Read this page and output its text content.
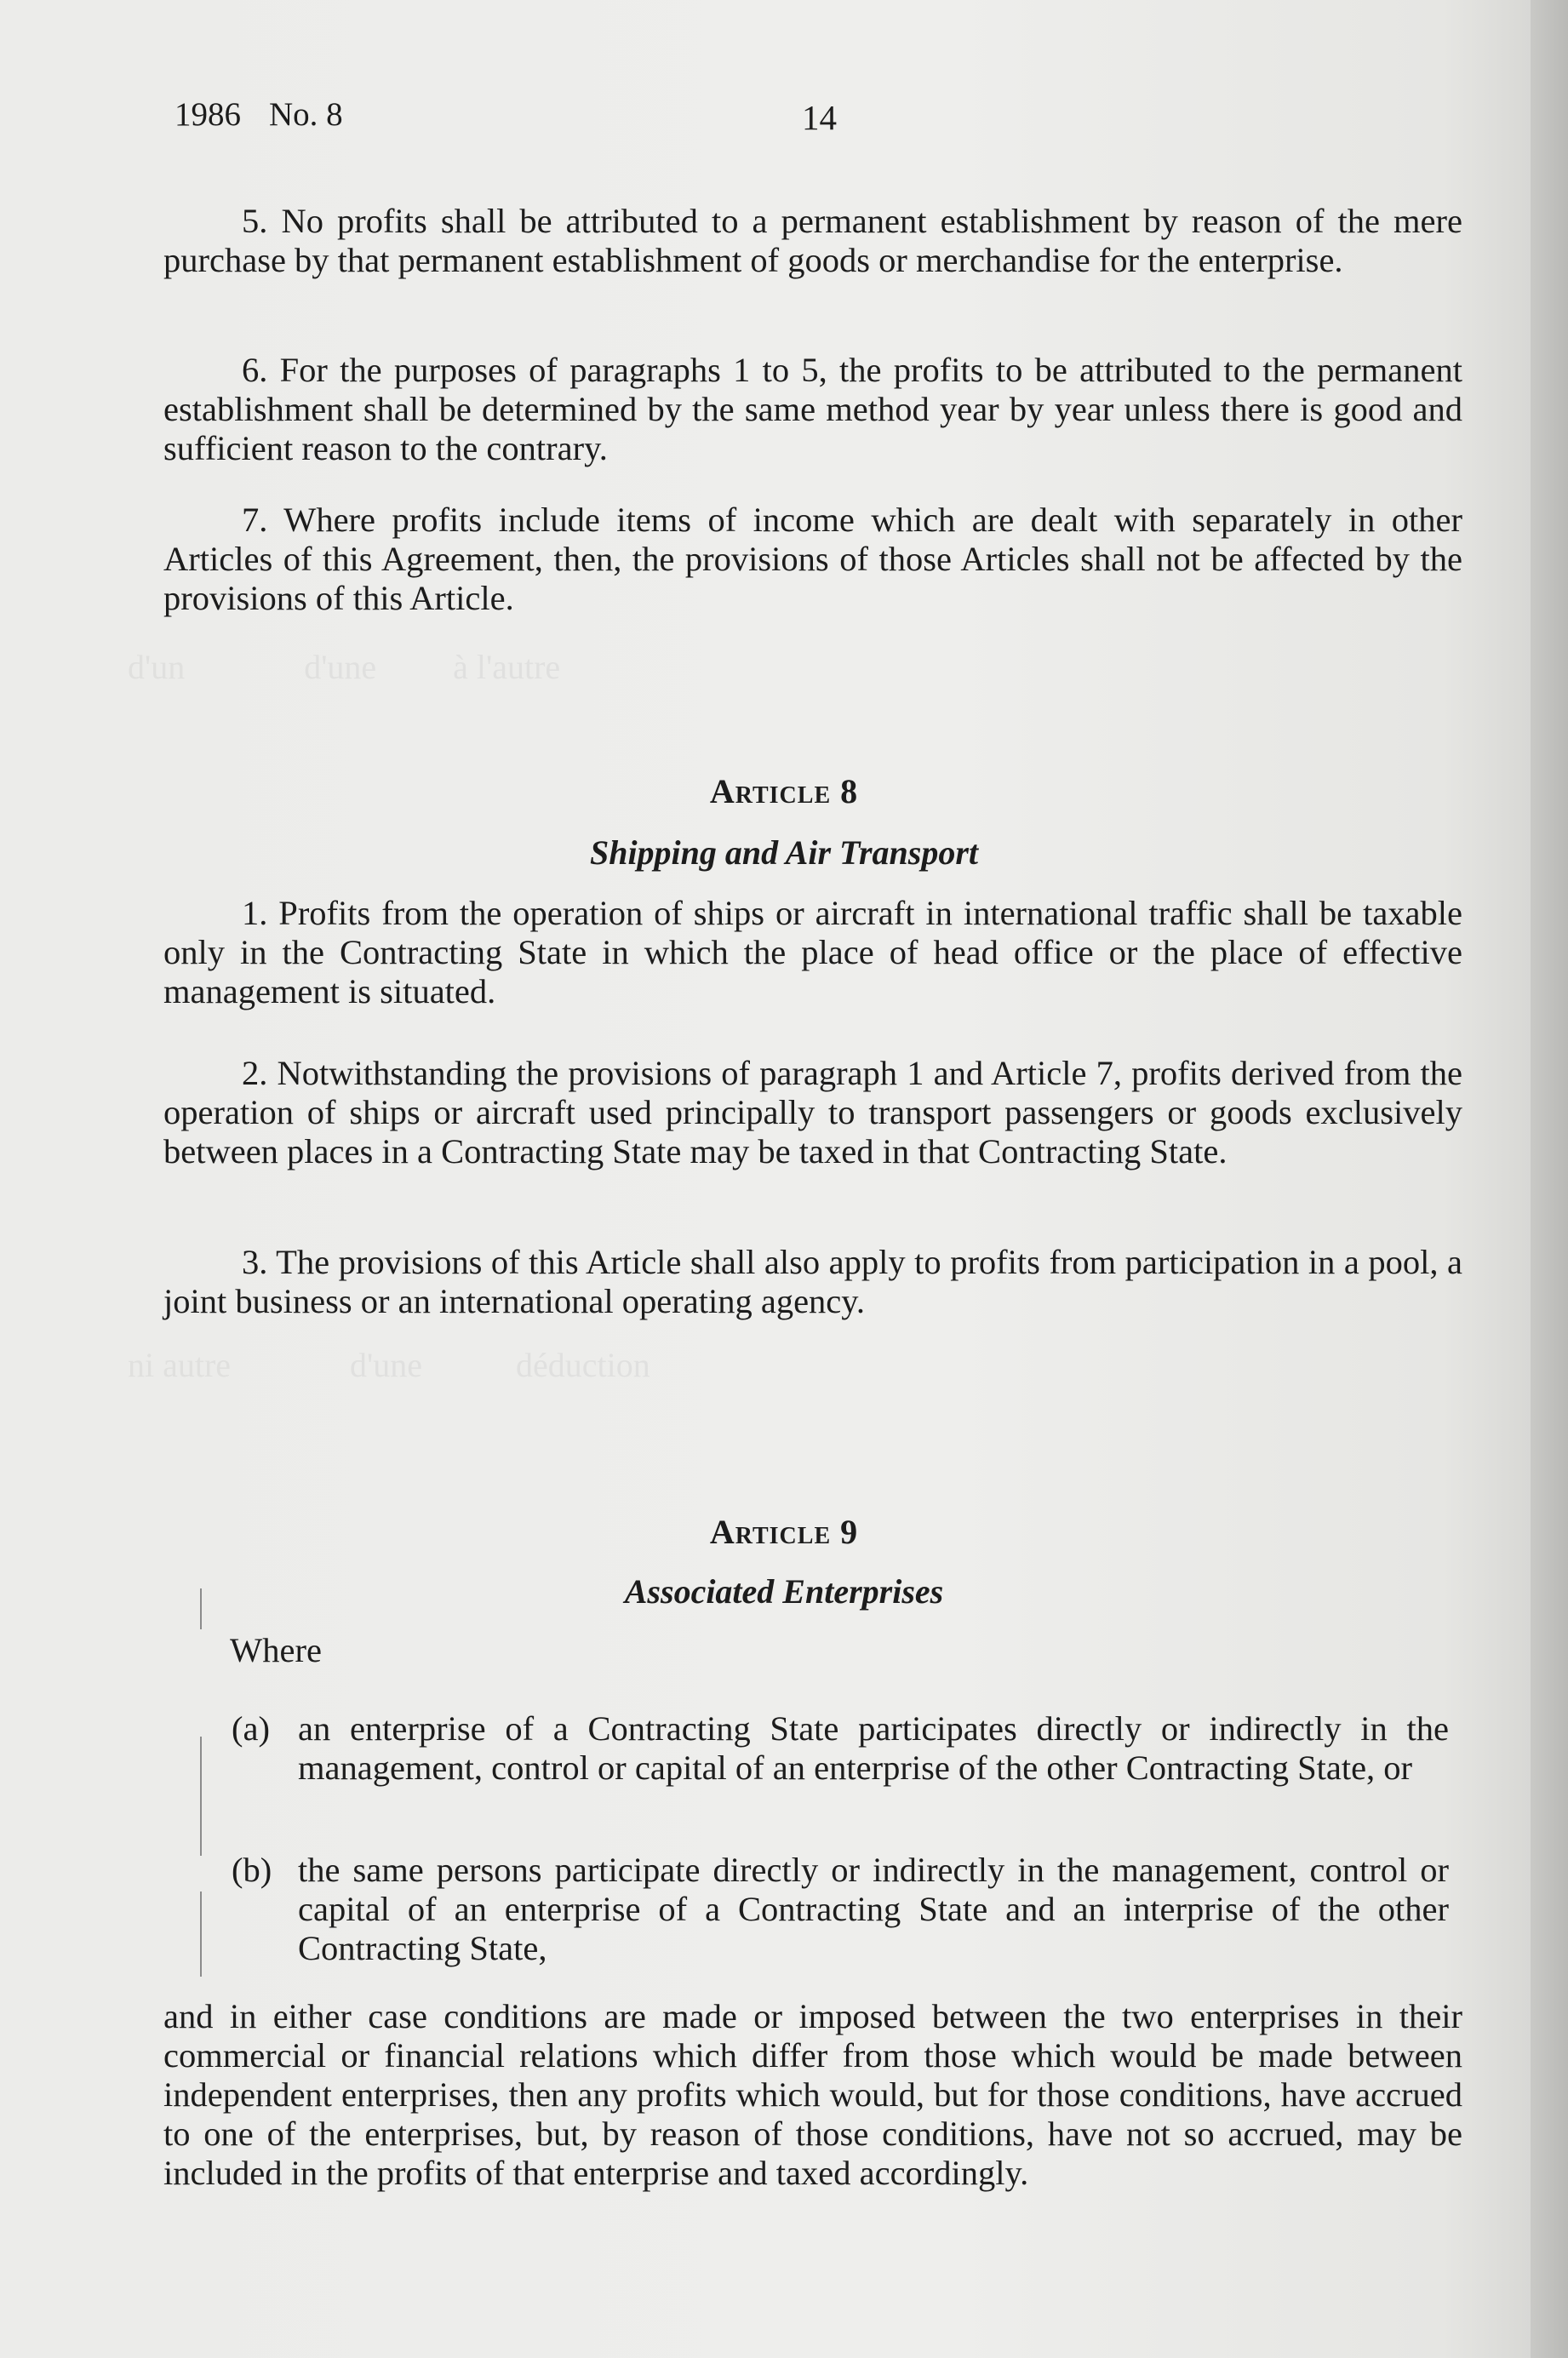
d'un              d'une         à l'autre
ni autre              d'une           déduction
1986 No. 8	14

5. No profits shall be attributed to a permanent establishment by reason of the mere purchase by that permanent establishment of goods or merchandise for the enterprise.

6. For the purposes of paragraphs 1 to 5, the profits to be attributed to the permanent establishment shall be determined by the same method year by year unless there is good and sufficient reason to the contrary.

7. Where profits include items of income which are dealt with separately in other Articles of this Agreement, then, the provisions of those Articles shall not be affected by the provisions of this Article.

Article 8
Shipping and Air Transport

1. Profits from the operation of ships or aircraft in international traffic shall be taxable only in the Contracting State in which the place of head office or the place of effective management is situated.

2. Notwithstanding the provisions of paragraph 1 and Article 7, profits derived from the operation of ships or aircraft used principally to transport passengers or goods exclusively between places in a Contracting State may be taxed in that Contracting State.

3. The provisions of this Article shall also apply to profits from participation in a pool, a joint business or an international operating agency.

Article 9
Associated Enterprises

Where

(a) an enterprise of a Contracting State participates directly or indirectly in the management, control or capital of an enterprise of the other Contracting State, or
(b) the same persons participate directly or indirectly in the management, control or capital of an enterprise of a Contracting State and an interprise of the other Contracting State,

and in either case conditions are made or imposed between the two enterprises in their commercial or financial relations which differ from those which would be made between independent enterprises, then any profits which would, but for those conditions, have accrued to one of the enterprises, but, by reason of those conditions, have not so accrued, may be included in the profits of that enterprise and taxed accordingly.
